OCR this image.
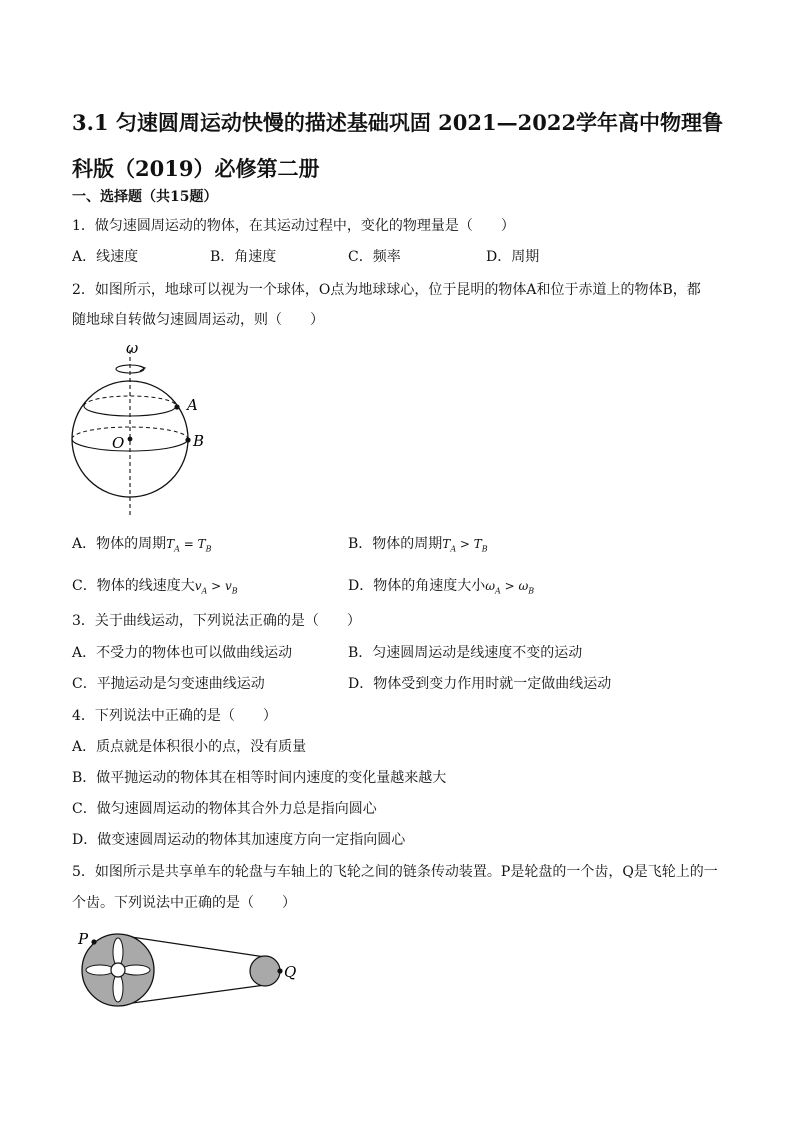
3.1 匀速圆周运动快慢的描述基础巩固 2021—2022学年高中物理鲁科版（2019）必修第二册
一、选择题（共15题）
1．做匀速圆周运动的物体，在其运动过程中，变化的物理量是（　　）
A．线速度	B．角速度	C．频率	D．周期
2．如图所示，地球可以视为一个球体，O点为地球球心，位于昆明的物体A和位于赤道上的物体B，都
随地球自转做匀速圆周运动，则（　　）
ω
A
B
O
A．物体的周期$T_A = T_B$	B．物体的周期$T_A > T_B$
C．物体的线速度大$v_A > v_B$	D．物体的角速度大小$\omega_A > \omega_B$
3．关于曲线运动，下列说法正确的是（　　）
A．不受力的物体也可以做曲线运动	B．匀速圆周运动是线速度不变的运动
C．平抛运动是匀变速曲线运动	D．物体受到变力作用时就一定做曲线运动
4．下列说法中正确的是（　　）
A．质点就是体积很小的点，没有质量
B．做平抛运动的物体其在相等时间内速度的变化量越来越大
C．做匀速圆周运动的物体其合外力总是指向圆心
D．做变速圆周运动的物体其加速度方向一定指向圆心
5．如图所示是共享单车的轮盘与车轴上的飞轮之间的链条传动装置。P是轮盘的一个齿，Q是飞轮上的一
个齿。下列说法中正确的是（　　）
P
Q
